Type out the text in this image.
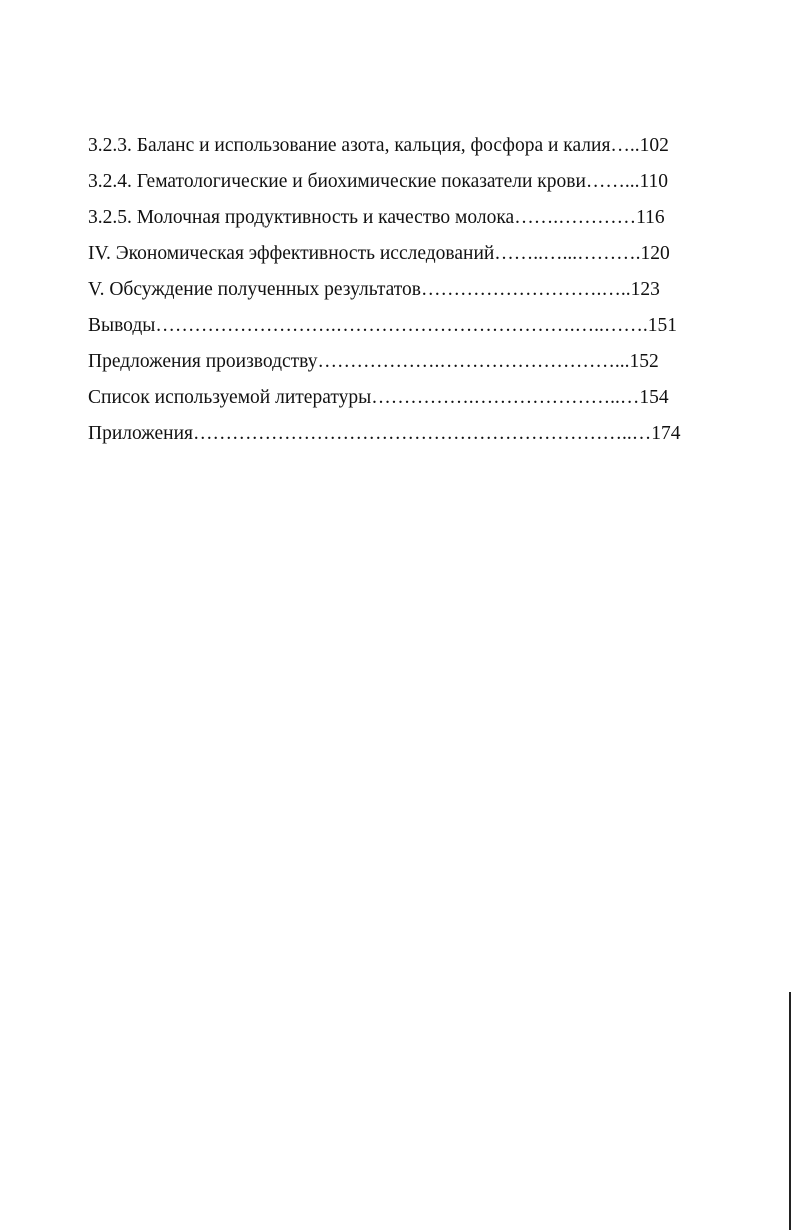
3.2.3. Баланс и использование азота, кальция, фосфора и калия…..102
3.2.4. Гематологические и биохимические показатели крови……...110
3.2.5. Молочная продуктивность и качество молока…….…………116
IV. Экономическая эффективность исследований……..…...……….120
V. Обсуждение полученных результатов……………………….…..123
Выводы……………………….……………………………….…..…….151
Предложения производству……………….………………………...152
Список используемой литературы…………….…………………..…154
Приложения…………………………………………………………..…174
